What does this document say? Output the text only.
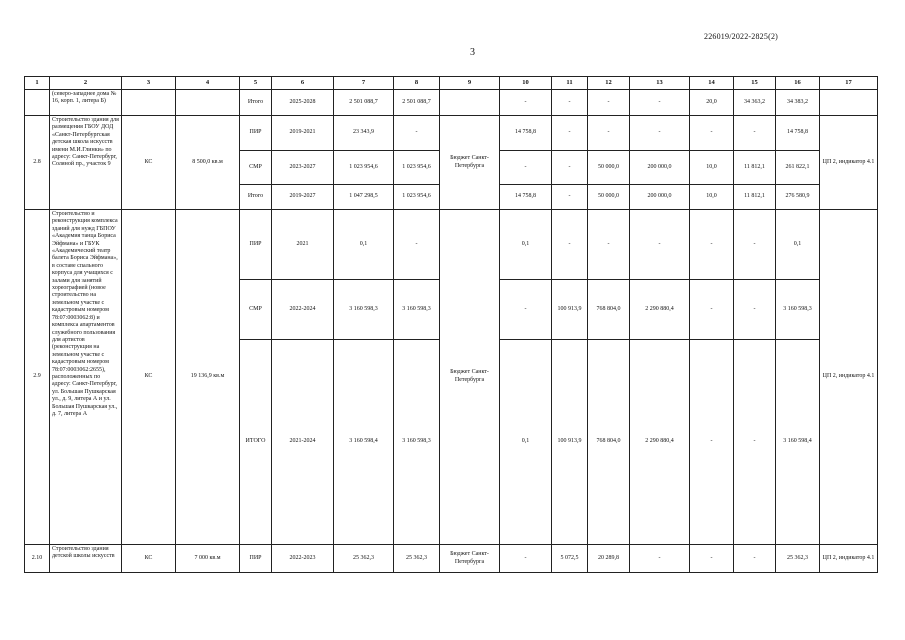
226019/2022-2825(2)
3
1	2	3	4	5	6	7	8	9	10	11	12	13	14	15	16	17
	(северо-западнее дома № 16, корп. 1, литера Б)			Итого	2025-2028	2 501 088,7	2 501 088,7		-	-	-	-	20,0	34 363,2	34 383,2	
2.8	Строительство здания для размещения ГБОУ ДОД «Санкт-Петербургская детская школа искусств имени М.И.Глинки» по адресу: Санкт-Петербург, Соляной пр., участок 9	КС	8 500,0 кв.м	ПИР	2019-2021	23 343,9	-	Бюджет Санкт-Петербурга	14 758,8	-	-	-	-	-	14 758,8	ЦП 2, индикатор 4.1
				СМР	2023-2027	1 023 954,6	1 023 954,6		-	-	50 000,0	200 000,0	10,0	11 812,1	261 822,1	
				Итого	2019-2027	1 047 298,5	1 023 954,6		14 758,8	-	50 000,0	200 000,0	10,0	11 812,1	276 580,9	
2.9	Строительство и реконструкция комплекса зданий для нужд ГБПОУ «Академия танца Бориса Эйфмана» и ГБУК «Академический театр балета Бориса Эйфмана», в составе спального корпуса для учащихся с залами для занятий хореографией (новое строительство на земельном участке с кадастровым номером 78:07:0003062:8) и комплекса апартаментов служебного пользования для артистов (реконструкция на земельном участке с кадастровым номером 78:07:0003062:2655), расположенных по адресу: Санкт-Петербург, ул. Большая Пушкарская ул., д. 9, литера А и ул. Большая Пушкарская ул., д. 7, литера А	КС	19 136,9 кв.м	ПИР	2021	0,1	-	Бюджет Санкт-Петербурга	0,1	-	-	-	-	-	0,1	ЦП 2, индикатор 4.1
				СМР	2022-2024	3 160 598,3	3 160 598,3		-	100 913,9	768 804,0	2 290 880,4	-	-	3 160 598,3	
				ИТОГО	2021-2024	3 160 598,4	3 160 598,3		0,1	100 913,9	768 804,0	2 290 880,4	-	-	3 160 598,4	
2.10	Строительство здания детской школы искусств	КС	7 000 кв.м	ПИР	2022-2023	25 362,3	25 362,3	Бюджет Санкт-Петербурга	-	5 072,5	20 289,8	-	-	-	25 362,3	ЦП 2, индикатор 4.1
